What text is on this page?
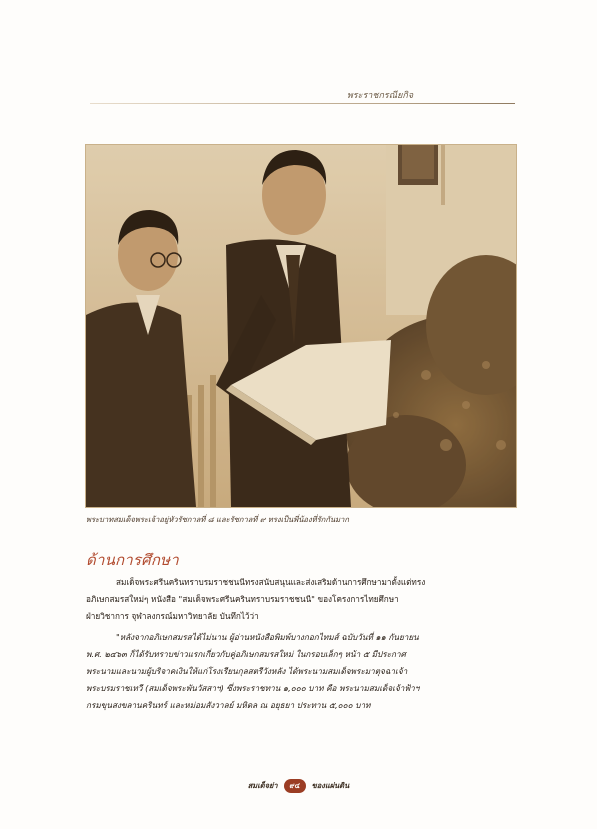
พระราชกรณียกิจ
พระบาทสมเด็จพระเจ้าอยู่หัวรัชกาลที่ ๘ และรัชกาลที่ ๙ ทรงเป็นพี่น้องที่รักกันมาก
ด้านการศึกษา

สมเด็จพระศรีนครินทราบรมราชชนนีทรงสนับสนุนและส่งเสริมด้านการศึกษามาตั้งแต่ทรง
อภิเษกสมรสใหม่ๆ หนังสือ "สมเด็จพระศรีนครินทราบรมราชชนนี" ของโครงการไทยศึกษา
ฝ่ายวิชาการ จุฬาลงกรณ์มหาวิทยาลัย บันทึกไว้ว่า

"หลังจากอภิเษกสมรสได้ไม่นาน ผู้อ่านหนังสือพิมพ์บางกอกไทมส์ ฉบับวันที่ ๑๑ กันยายน
พ.ศ. ๒๔๖๓ ก็ได้รับทราบข่าวแรกเกี่ยวกับคู่อภิเษกสมรสใหม่ ในกรอบเล็กๆ หน้า ๕ มีประกาศ
พระนามและนามผู้บริจาคเงินให้แก่โรงเรียนกุลสตรีวังหลัง ได้พระนามสมเด็จพระมาตุจฉาเจ้า
พระบรมราชเทวี (สมเด็จพระพันวัสสาฯ) ซึ่งพระราชทาน ๑,๐๐๐ บาท คือ พระนามสมเด็จเจ้าฟ้าฯ
กรมขุนสงขลานครินทร์ และหม่อมสังวาลย์ มหิดล ณ อยุธยา ประทาน ๕,๐๐๐ บาท

สมเด็จย่า	๙๔	ของแผ่นดิน
